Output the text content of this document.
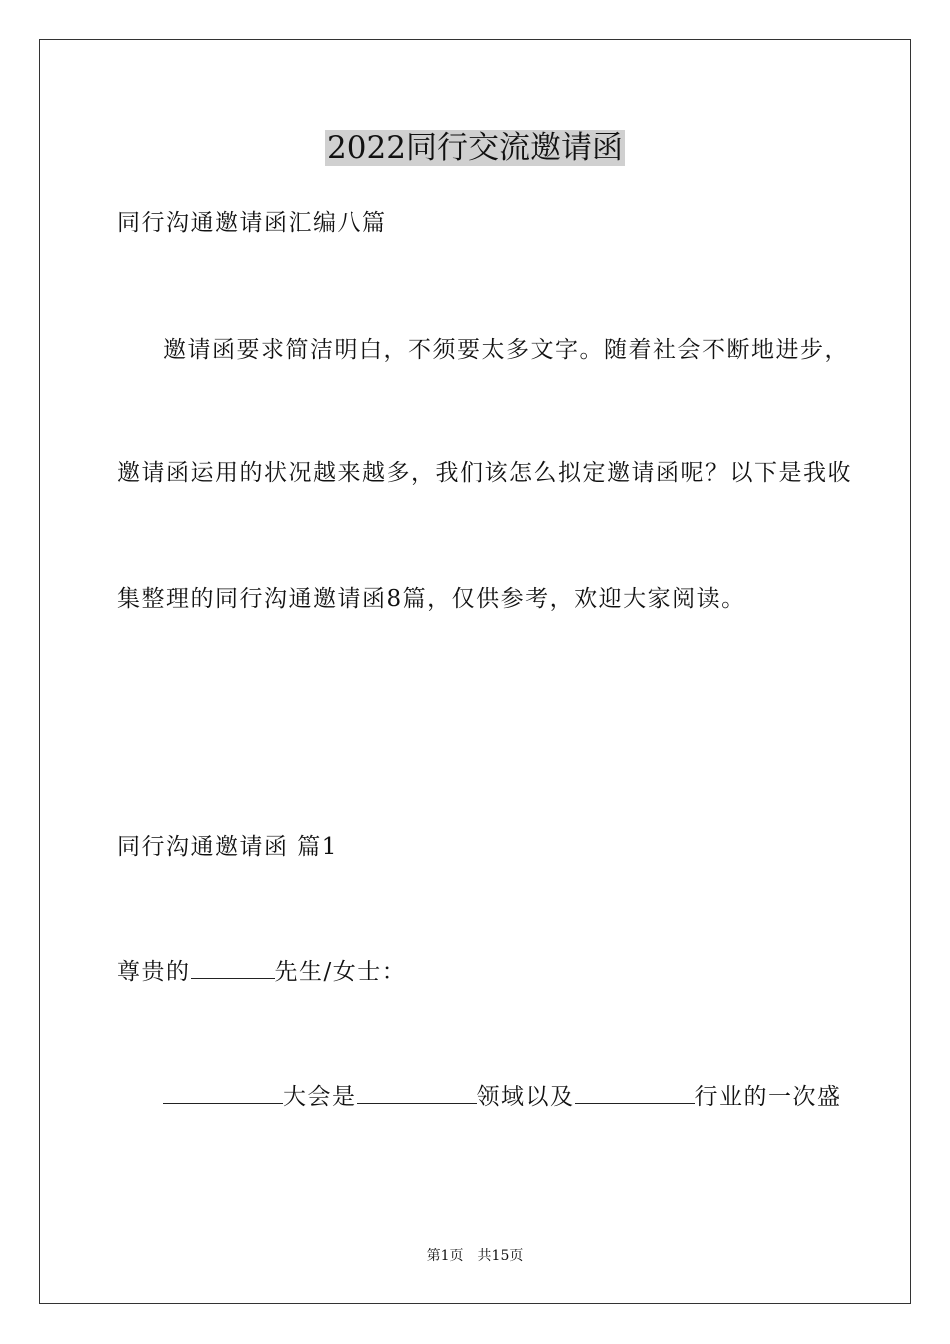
2022同行交流邀请函
同行沟通邀请函汇编八篇
邀请函要求简洁明白，不须要太多文字。随着社会不断地进步，
邀请函运用的状况越来越多，我们该怎么拟定邀请函呢？以下是我收
集整理的同行沟通邀请函8篇，仅供参考，欢迎大家阅读。
同行沟通邀请函 篇1
尊贵的	先生/女士：
大会是	领域以及	行业的一次盛
第1页　共15页
